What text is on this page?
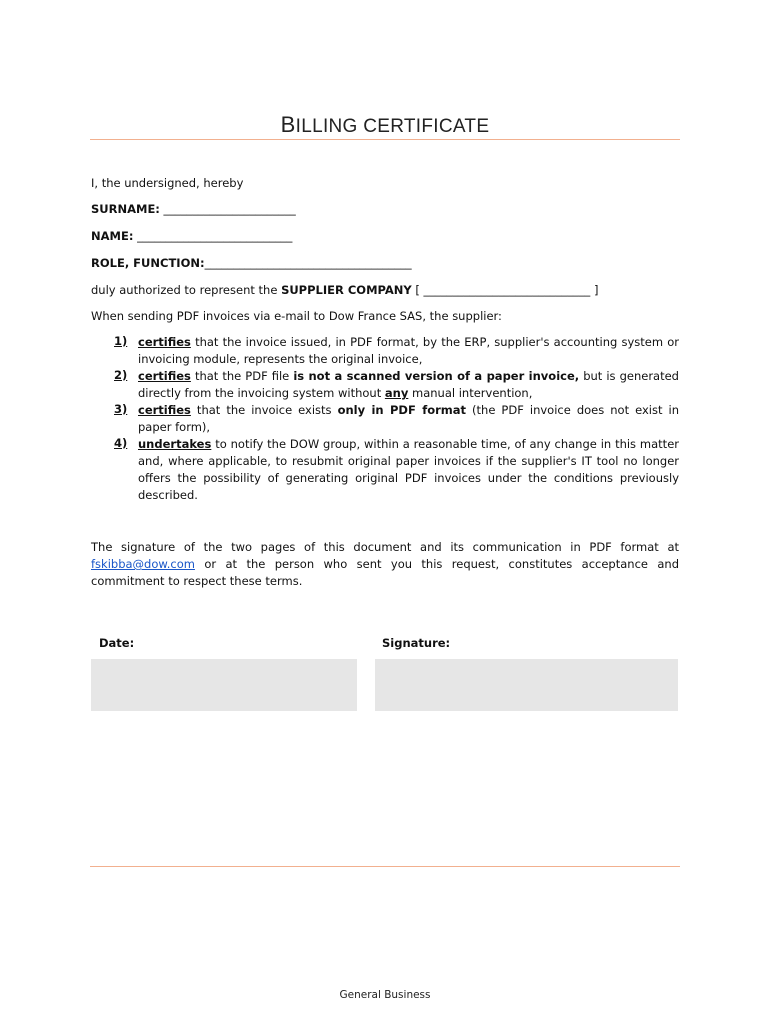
BILLING CERTIFICATE
I, the undersigned, hereby
SURNAME: _______________________
NAME: ___________________________
ROLE, FUNCTION:____________________________________
duly authorized to represent the SUPPLIER COMPANY [ _____________________________ ]
When sending PDF invoices via e-mail to Dow France SAS, the supplier:
1) certifies that the invoice issued, in PDF format, by the ERP, supplier's accounting system or invoicing module, represents the original invoice,
2) certifies that the PDF file is not a scanned version of a paper invoice, but is generated directly from the invoicing system without any manual intervention,
3) certifies that the invoice exists only in PDF format (the PDF invoice does not exist in paper form),
4) undertakes to notify the DOW group, within a reasonable time, of any change in this matter and, where applicable, to resubmit original paper invoices if the supplier's IT tool no longer offers the possibility of generating original PDF invoices under the conditions previously described.
The signature of the two pages of this document and its communication in PDF format at fskibba@dow.com or at the person who sent you this request, constitutes acceptance and commitment to respect these terms.
Date:	Signature:
General Business
